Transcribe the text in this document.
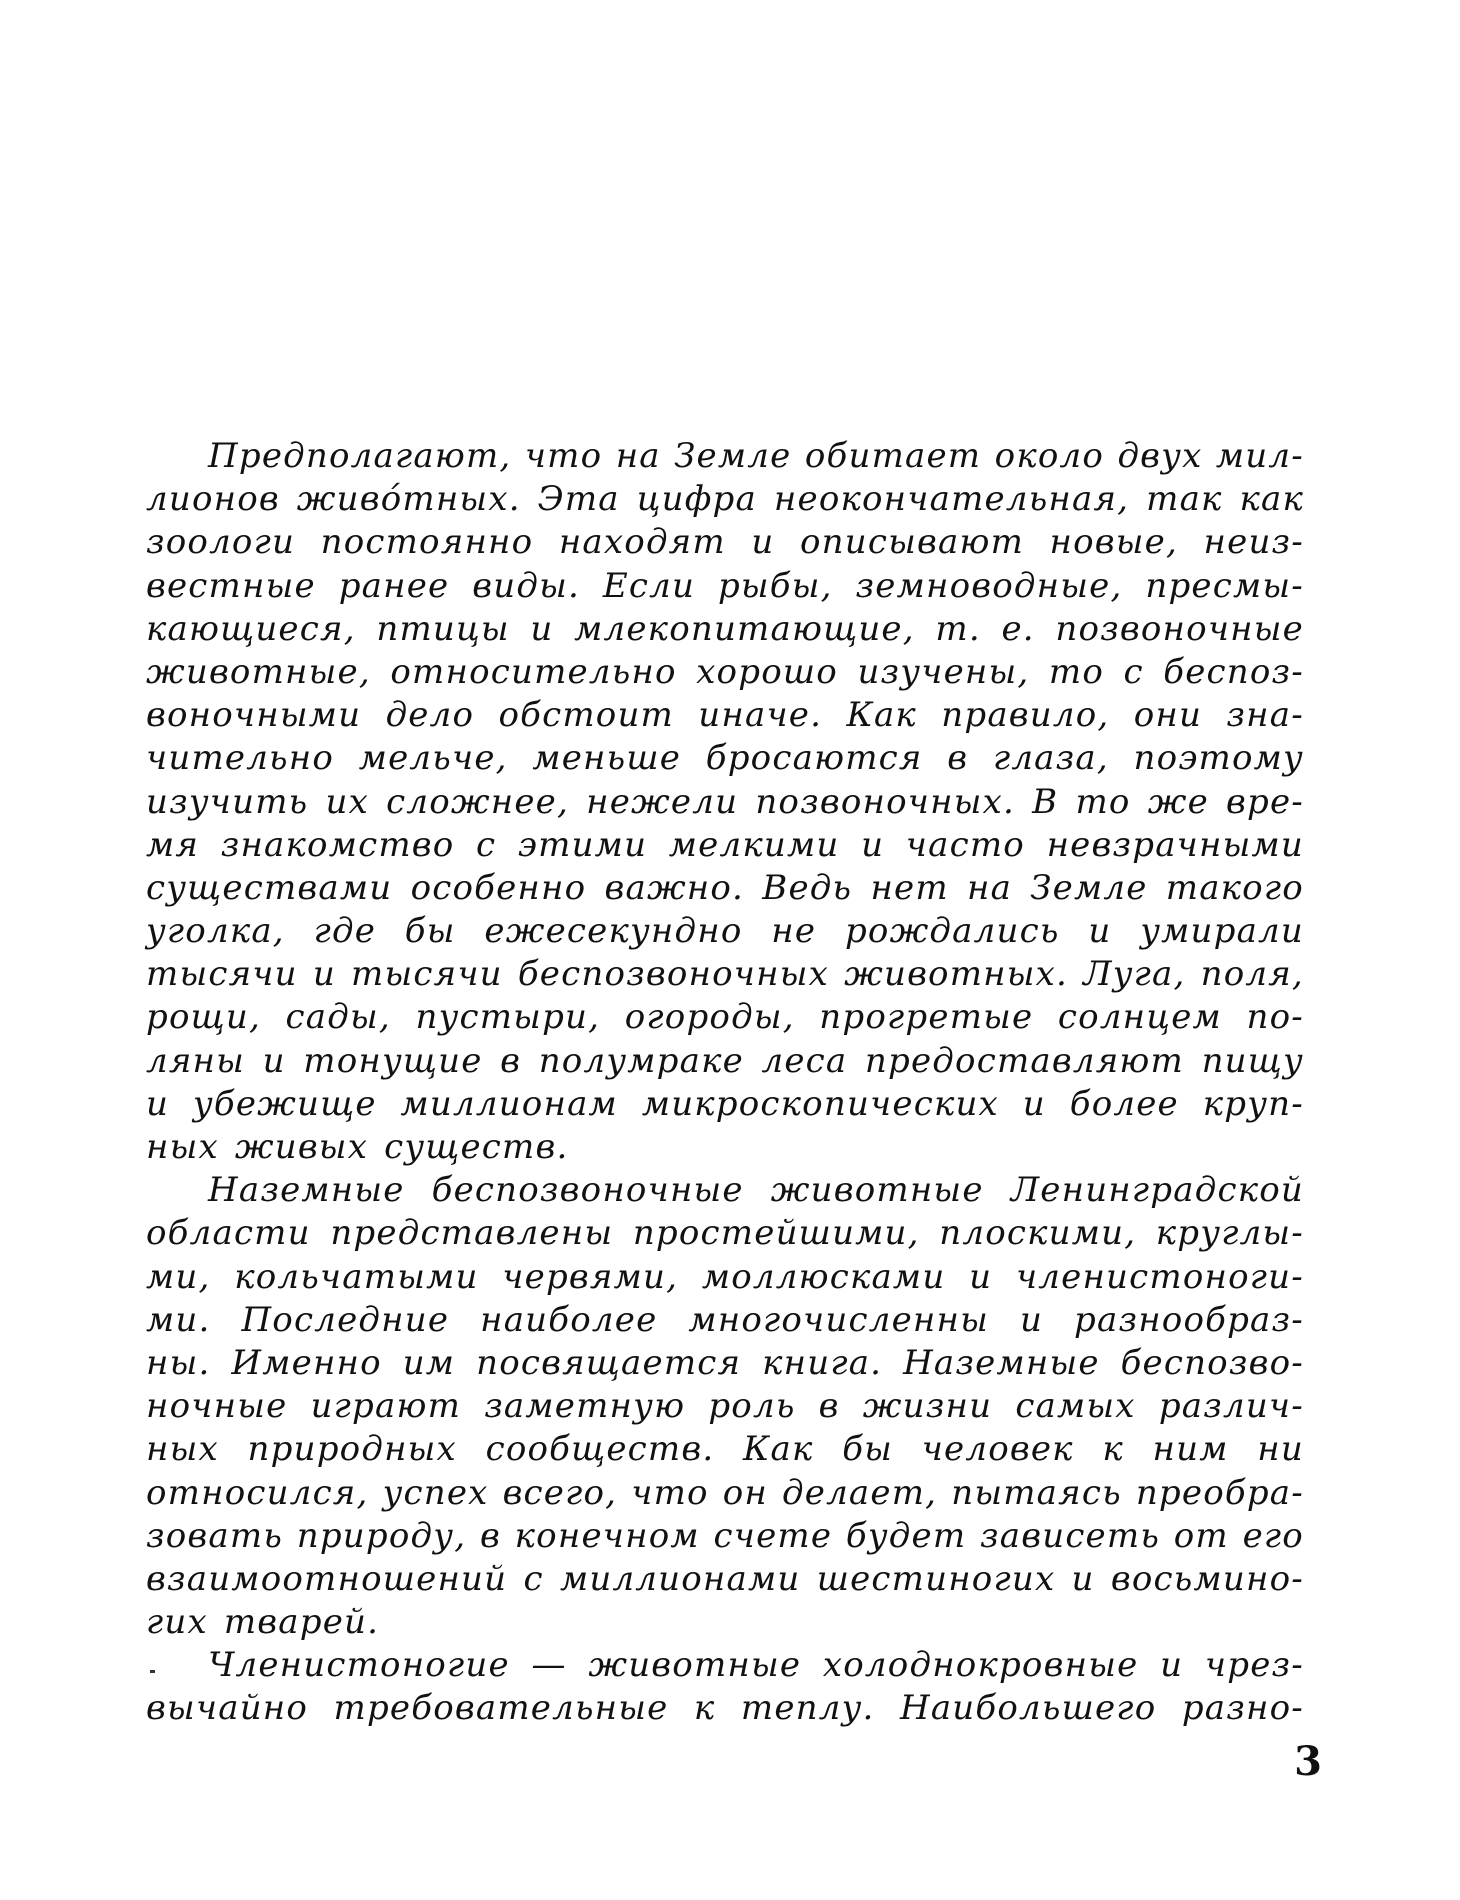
Предполагают, что на Земле обитает около двух мил-
лионов живо́тных. Эта цифра неокончательная, так как
зоологи постоянно находят и описывают новые, неиз-
вестные ранее виды. Если рыбы, земноводные, пресмы-
кающиеся, птицы и млекопитающие, т. е. позвоночные
животные, относительно хорошо изучены, то с беспоз-
воночными дело обстоит иначе. Как правило, они зна-
чительно мельче, меньше бросаются в глаза, поэтому
изучить их сложнее, нежели позвоночных. В то же вре-
мя знакомство с этими мелкими и часто невзрачными
существами особенно важно. Ведь нет на Земле такого
уголка, где бы ежесекундно не рождались и умирали
тысячи и тысячи беспозвоночных животных. Луга, поля,
рощи, сады, пустыри, огороды, прогретые солнцем по-
ляны и тонущие в полумраке леса предоставляют пищу
и убежище миллионам микроскопических и более круп-
ных живых существ.
Наземные беспозвоночные животные Ленинградской
области представлены простейшими, плоскими, круглы-
ми, кольчатыми червями, моллюсками и членистоноги-
ми. Последние наиболее многочисленны и разнообраз-
ны. Именно им посвящается книга. Наземные беспозво-
ночные играют заметную роль в жизни самых различ-
ных природных сообществ. Как бы человек к ним ни
относился, успех всего, что он делает, пытаясь преобра-
зовать природу, в конечном счете будет зависеть от его
взаимоотношений с миллионами шестиногих и восьмино-
гих тварей.
Членистоногие — животные холоднокровные и чрез-
вычайно требовательные к теплу. Наибольшего разно-
3
